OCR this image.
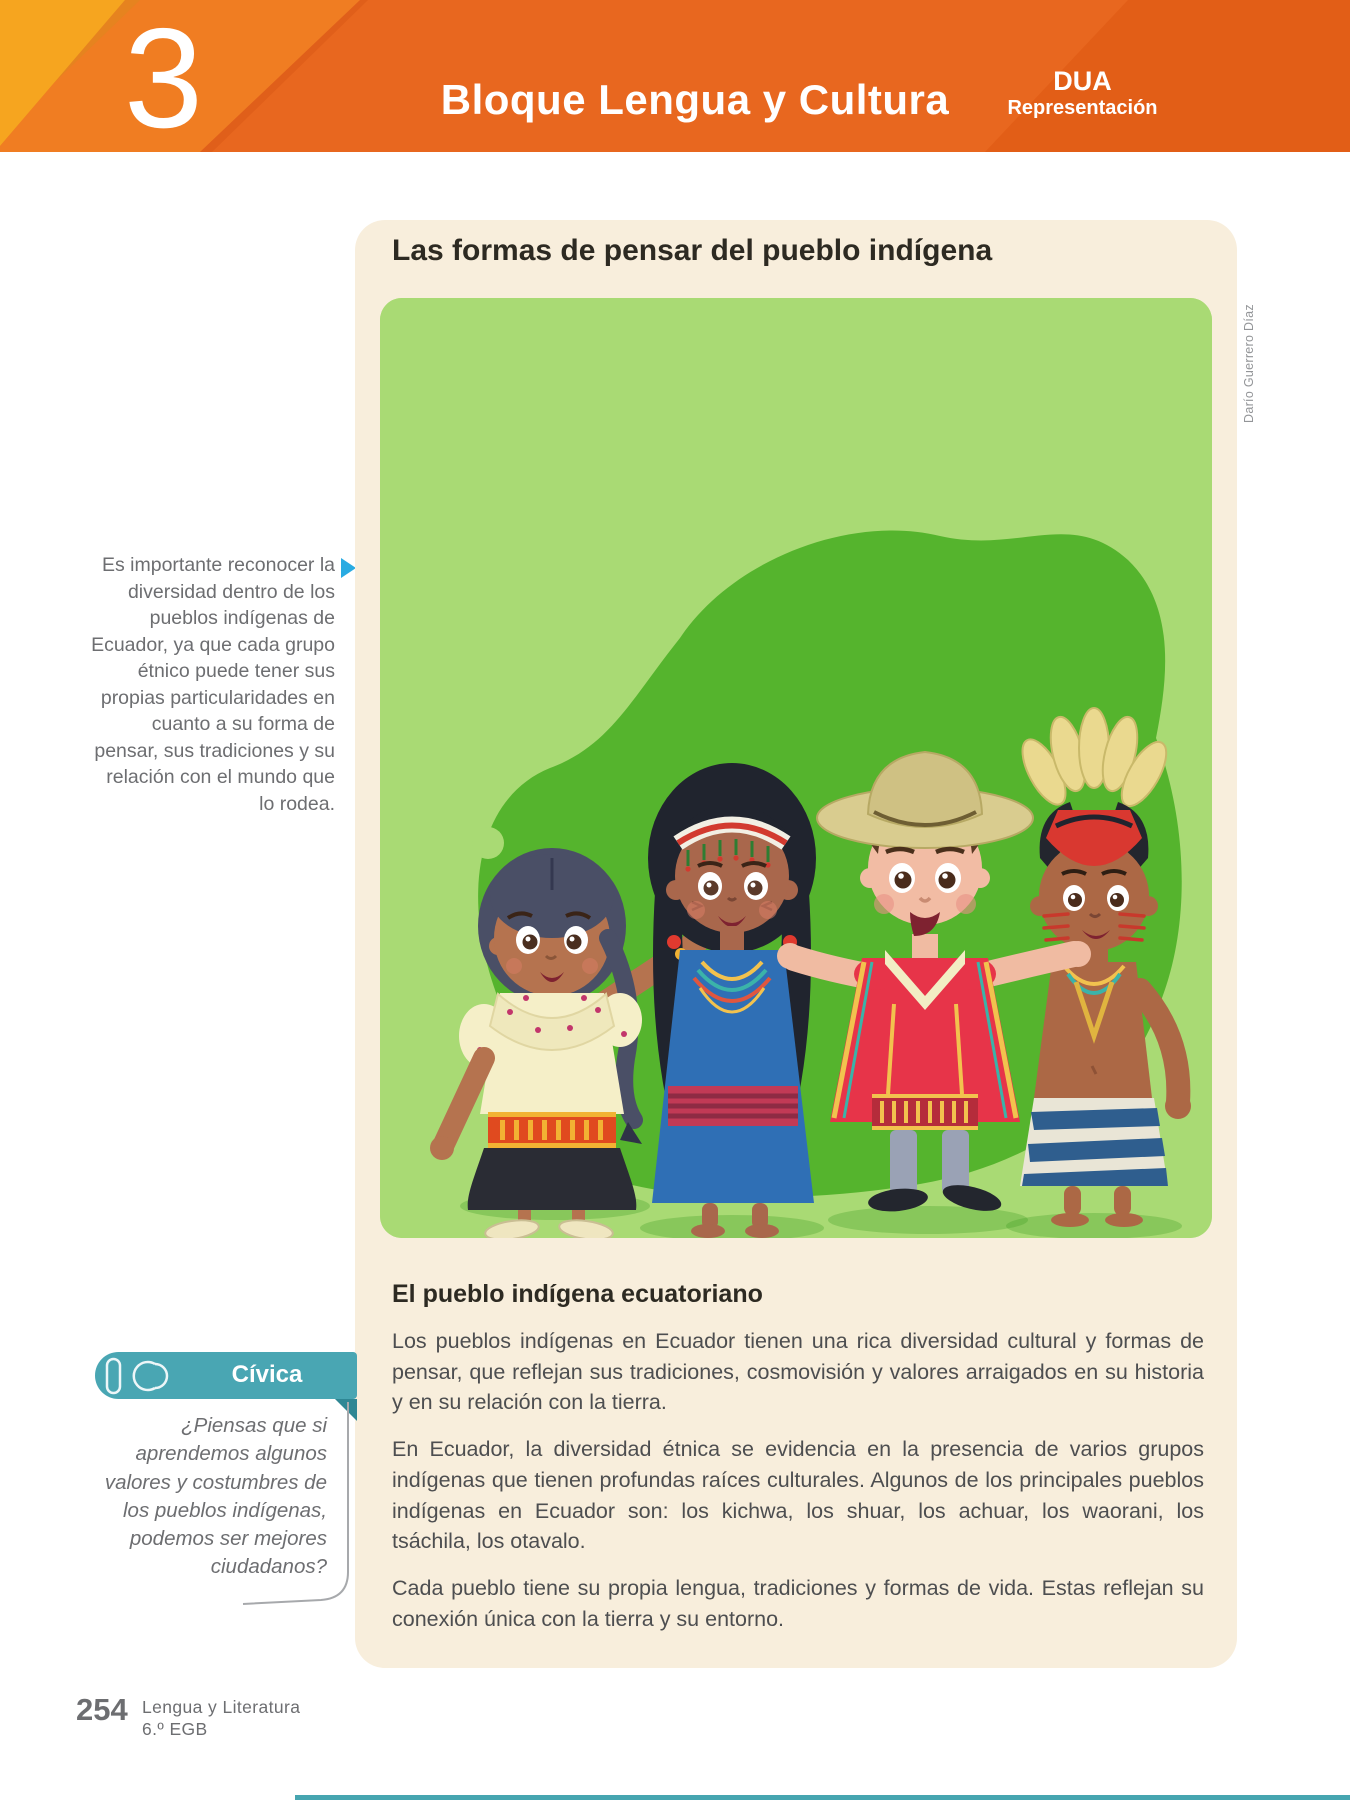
3	Bloque Lengua y Cultura	DUA
Representación
Es importante reconocer la diversidad dentro de los pueblos indígenas de Ecuador, ya que cada grupo étnico puede tener sus propias particularidades en cuanto a su forma de pensar, sus tradiciones y su relación con el mundo que lo rodea.
Las formas de pensar del pueblo indígena
Darío Guerrero Díaz
El pueblo indígena ecuatoriano

Los pueblos indígenas en Ecuador tienen una rica diversidad cultural y formas de pensar, que reflejan sus tradiciones, cosmovisión y valores arraigados en su historia y en su relación con la tierra.

En Ecuador, la diversidad étnica se evidencia en la presencia de varios grupos indígenas que tienen profundas raíces culturales. Algunos de los principales pueblos indígenas en Ecuador son: los kichwa, los shuar, los achuar, los waorani, los tsáchila, los otavalo.

Cada pueblo tiene su propia lengua, tradiciones y formas de vida. Estas reflejan su conexión única con la tierra y su entorno.

Cívica
¿Piensas que si aprendemos algunos valores y costumbres de los pueblos indígenas, podemos ser mejores ciudadanos?
254 Lengua y Literatura
6.º EGB
